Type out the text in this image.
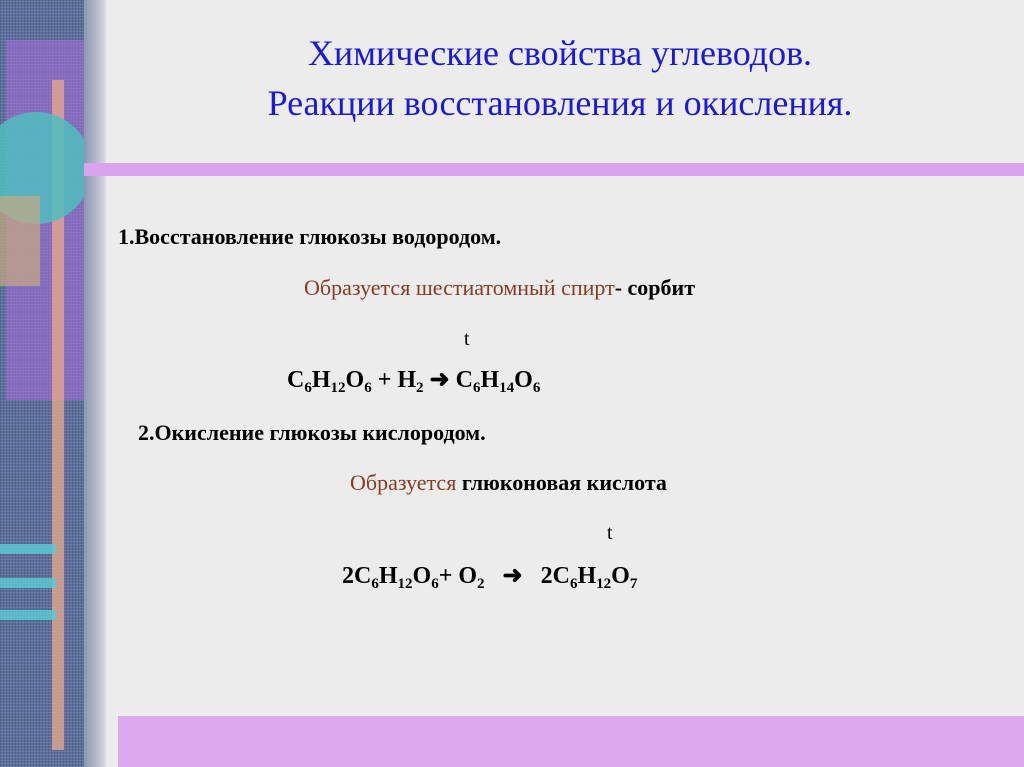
Химические свойства углеводов.
Реакции восстановления и окисления.
1.Восстановление глюкозы водородом.
Образуется шестиатомный спирт- сорбит
t
$C_6H_{12}O_6 + H_2$ ➜ $C_6H_{14}O_6$
2.Окисление глюкозы кислородом.
Образуется глюконовая кислота
t
$2C_6H_{12}O_6+ O_2$ ➜ $2C_6H_{12}O_7$
